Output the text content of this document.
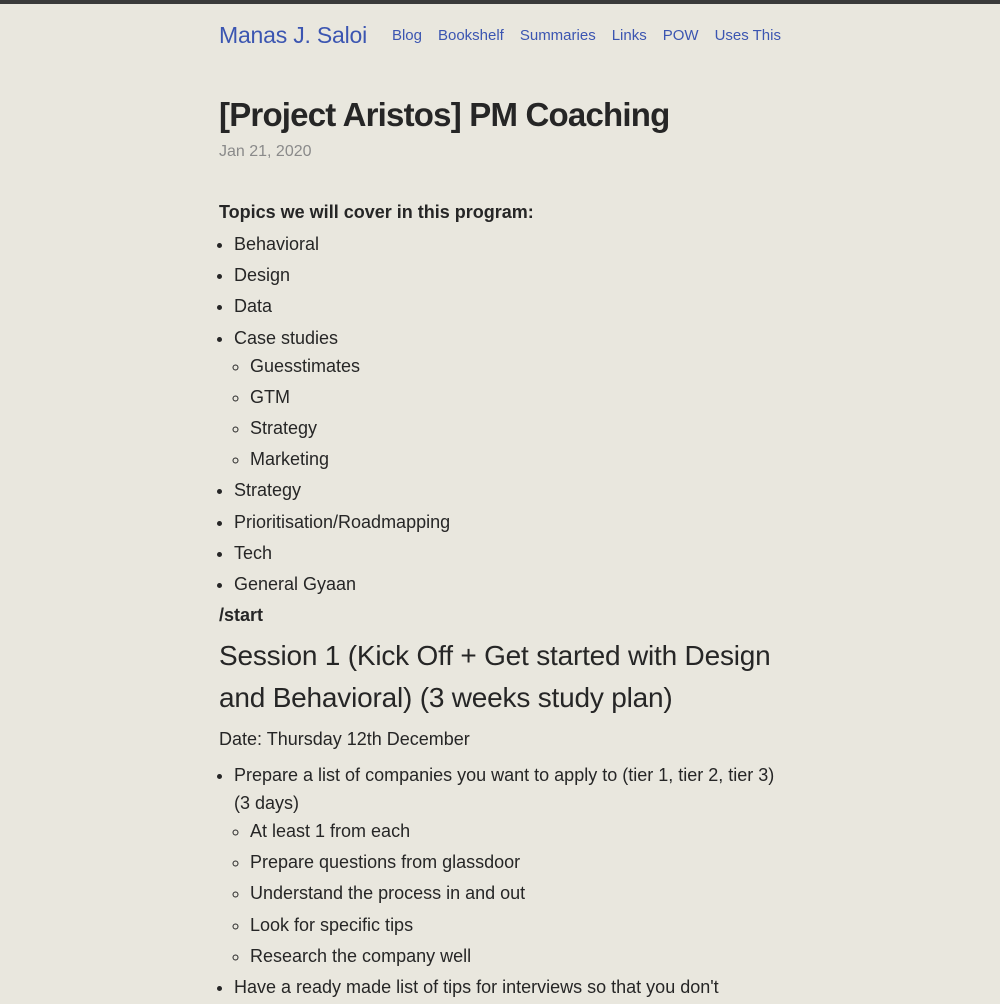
Manas J. Saloi Blog Bookshelf Summaries Links POW Uses This
[Project Aristos] PM Coaching
Jan 21, 2020

Topics we will cover in this program:

• Behavioral
• Design
• Data
• Case studies
◦ Guesstimates
◦ GTM
◦ Strategy
◦ Marketing
• Strategy
• Prioritisation/Roadmapping
• Tech
• General Gyaan

/start

Session 1 (Kick Off + Get started with Design and Behavioral) (3 weeks study plan)

Date: Thursday 12th December

• Prepare a list of companies you want to apply to (tier 1, tier 2, tier 3) (3 days)
◦ At least 1 from each
◦ Prepare questions from glassdoor
◦ Understand the process in and out
◦ Look for specific tips
◦ Research the company well
• Have a ready made list of tips for interviews so that you don't
